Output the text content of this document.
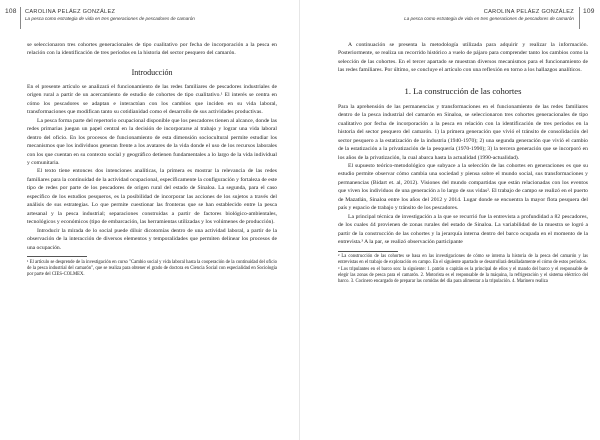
108 CAROLINA PELÁEZ GONZÁLEZ
La pesca como estrategia de vida en tres generaciones de pescadores de camarón

se seleccionaron tres cohortes generacionales de tipo cualitativo por fecha de incorporación a la pesca en relación con la identificación de tres períodos en la historia del sector pesquero del camarón.

Introducción

En el presente artículo se analizará el funcionamiento de las redes familiares de pescadores industriales de origen rural a partir de un acercamiento de estudio de cohortes de tipo cualitativo.¹ El interés se centra en cómo los pescadores se adaptan e interactúan con los cambios que inciden en su vida laboral, transformaciones que modifican tanto su cotidianidad como el desarrollo de sus actividades productivas.

La pesca forma parte del repertorio ocupacional disponible que los pescadores tienen al alcance, donde las redes primarias juegan un papel central en la decisión de incorporarse al trabajo y lograr una vida laboral dentro del oficio. En los procesos de funcionamiento de esta dimensión sociocultural permite estudiar los mecanismos que los individuos generan frente a los avatares de la vida donde el uso de los recursos laborales con los que cuentan en su contexto social y geográfico detienen fundamentales a lo largo de la vida individual y comunitaria.

El texto tiene entonces dos intenciones analíticas, la primera es mostrar la relevancia de las redes familiares para la continuidad de la actividad ocupacional, específicamente la configuración y fortaleza de este tipo de redes por parte de los pescadores de origen rural del estado de Sinaloa. La segunda, para el caso específico de los estudios pesqueros, es la posibilidad de incorporar las acciones de los sujetos a través del análisis de sus estrategias. Lo que permite cuestionar las fronteras que se han establecido entre la pesca artesanal y la pesca industrial; separaciones construidas a partir de factores biológico-ambientales, tecnológicos y económicos (tipo de embarcación, las herramientas utilizadas y los volúmenes de producción).

Introducir la mirada de lo social puede diluir dicotomías dentro de una actividad laboral, a partir de la observación de la interacción de diversos elementos y temporalidades que permiten delinear los procesos de una ocupación.

¹ El artículo se desprende de la investigación en curso "Cambio social y vida laboral hasta la cooperación de la continuidad del oficio de la pesca industrial del camarón", que se realiza para obtener el grado de doctora en Ciencia Social con especialidad en Sociología por parte del CIES-COLMEX.

CAROLINA PELÁEZ GONZÁLEZ
La pesca como estrategia de vida en tres generaciones de pescadores de camarón
109

A continuación se presenta la metodología utilizada para adquirir y realizar la información. Posteriormente, se realiza un recorrido histórico a vuelo de pájaro para comprender tanto los cambios como la selección de las cohortes. En el tercer apartado se muestran diversos mecanismos para el funcionamiento de las redes familiares. Por último, se concluye el artículo con una reflexión en torno a los hallazgos analíticos.

1. La construcción de las cohortes

Para la aprehensión de las permanencias y transformaciones en el funcionamiento de las redes familiares dentro de la pesca industrial del camarón en Sinaloa, se seleccionaron tres cohortes generacionales de tipo cualitativo por fecha de incorporación a la pesca en relación con la identificación de tres períodos en la historia del sector pesquero del camarón. 1) la primera generación que vivió el tránsito de consolidación del sector pesquero a la estatización de la industria (1940-1970); 2) una segunda generación que vivió el cambio de la estatización a la privatización de la pesquería (1970-1990); 3) la tercera generación que se incorporó en los años de la privatización, la cual abarca hasta la actualidad (1990-actualidad).

El supuesto teórico-metodológico que subyace a la selección de las cohortes en generaciones es que su estudio permite observar cómo cambia una sociedad y piensa sobre el mundo social, sus transformaciones y permanencias (Bidart et. al, 2012). Visiones del mundo compartidas que están relacionadas con los eventos que viven los individuos de una generación a lo largo de sus vidas². El trabajo de campo se realizó en el puerto de Mazatlán, Sinaloa entre los años del 2012 y 2014. Lugar donde se encuentra la mayor flota pesquera del país y espacio de trabajo y tránsito de los pescadores.

La principal técnica de investigación a la que se recurrió fue la entrevista a profundidad a 82 pescadores, de los cuales 44 provienen de zonas rurales del estado de Sinaloa. La variabilidad de la muestra se logró a partir de la construcción de las cohortes y la jerarquía interna dentro del barco ocupada en el momento de la entrevista.³ A la par, se realizó observación participante

² La construcción de las cohortes se basa en las investigaciones de cómo se interna la historia de la pesca del camarón y las entrevistas en el trabajo de exploración en campo. En el siguiente apartado se desarrollará detalladamente el cómo de estos períodos.

³ Los tripulantes en el barco son: la siguiente: 1. patrón o capitán es la principal de ellos y el mando del barco y el responsable de elegir las zonas de pesca para el camarón. 2. Motorista es el responsable de la máquina, la refrigeración y el sistema eléctrico del barco. 3. Cocinero encargado de preparar las comidas del día para alimentar a la tripulación. 4. Marinero realiza
